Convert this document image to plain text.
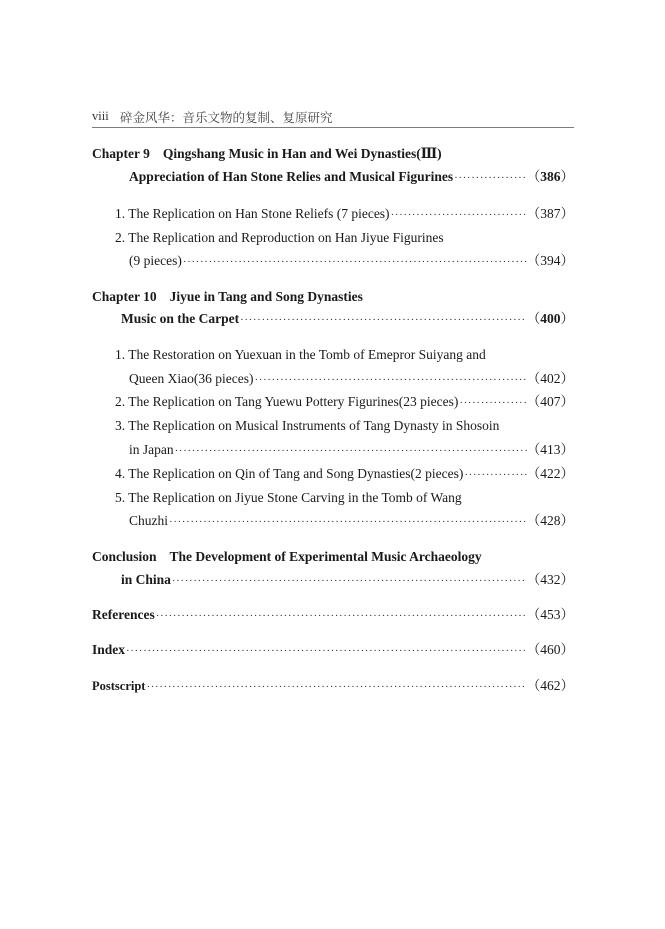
viii 碎金风华：音乐文物的复制、复原研究
Chapter 9 Qingshang Music in Han and Wei Dynasties(Ⅲ)
Appreciation of Han Stone Relies and Musical Figurines ·····	（386）
1. The Replication on Han Stone Reliefs (7 pieces) ·····	（387）
2. The Replication and Reproduction on Han Jiyue Figurines
(9 pieces) ·····	（394）
Chapter 10 Jiyue in Tang and Song Dynasties
Music on the Carpet ·····	（400）
1. The Restoration on Yuexuan in the Tomb of Emepror Suiyang and
Queen Xiao(36 pieces) ·····	（402）
2. The Replication on Tang Yuewu Pottery Figurines(23 pieces) ·····	（407）
3. The Replication on Musical Instruments of Tang Dynasty in Shosoin
in Japan ·····	（413）
4. The Replication on Qin of Tang and Song Dynasties(2 pieces) ·····	（422）
5. The Replication on Jiyue Stone Carving in the Tomb of Wang
Chuzhi ·····	（428）
Conclusion The Development of Experimental Music Archaeology
in China ·····	（432）
References ·····	（453）
Index ·····	（460）
Postscript ·····	（462）
